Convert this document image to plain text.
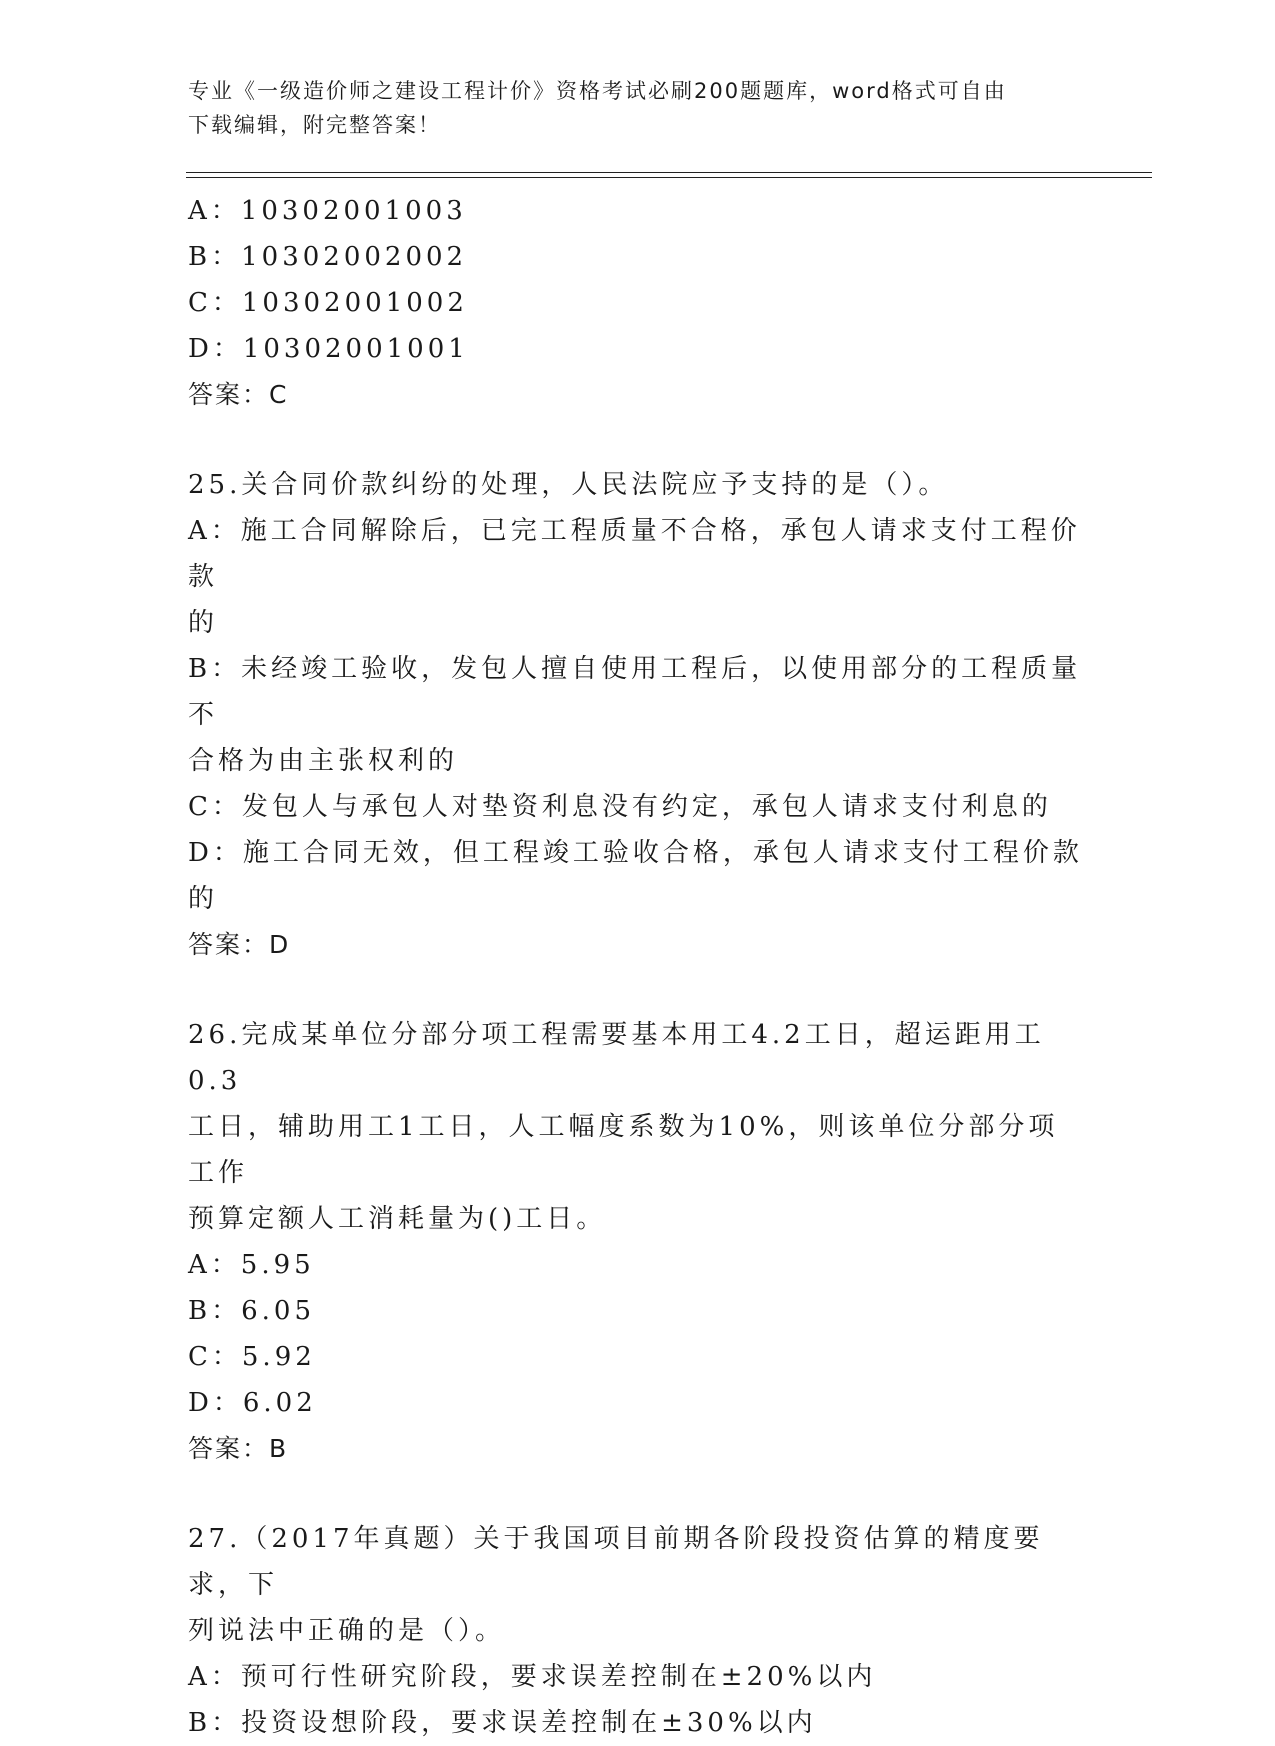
专业《一级造价师之建设工程计价》资格考试必刷200题题库，word格式可自由
下载编辑，附完整答案！
A：10302001003
B：10302002002
C：10302001002
D：10302001001
答案：C
25.关合同价款纠纷的处理，人民法院应予支持的是（）。
A：施工合同解除后，已完工程质量不合格，承包人请求支付工程价款
的
B：未经竣工验收，发包人擅自使用工程后，以使用部分的工程质量不
合格为由主张权利的
C：发包人与承包人对垫资利息没有约定，承包人请求支付利息的
D：施工合同无效，但工程竣工验收合格，承包人请求支付工程价款的
答案：D
26.完成某单位分部分项工程需要基本用工4.2工日，超运距用工0.3
工日，辅助用工1工日，人工幅度系数为10%，则该单位分部分项工作
预算定额人工消耗量为()工日。
A：5.95
B：6.05
C：5.92
D：6.02
答案：B
27.（2017年真题）关于我国项目前期各阶段投资估算的精度要求，下
列说法中正确的是（）。
A：预可行性研究阶段，要求误差控制在±20%以内
B：投资设想阶段，要求误差控制在±30%以内
